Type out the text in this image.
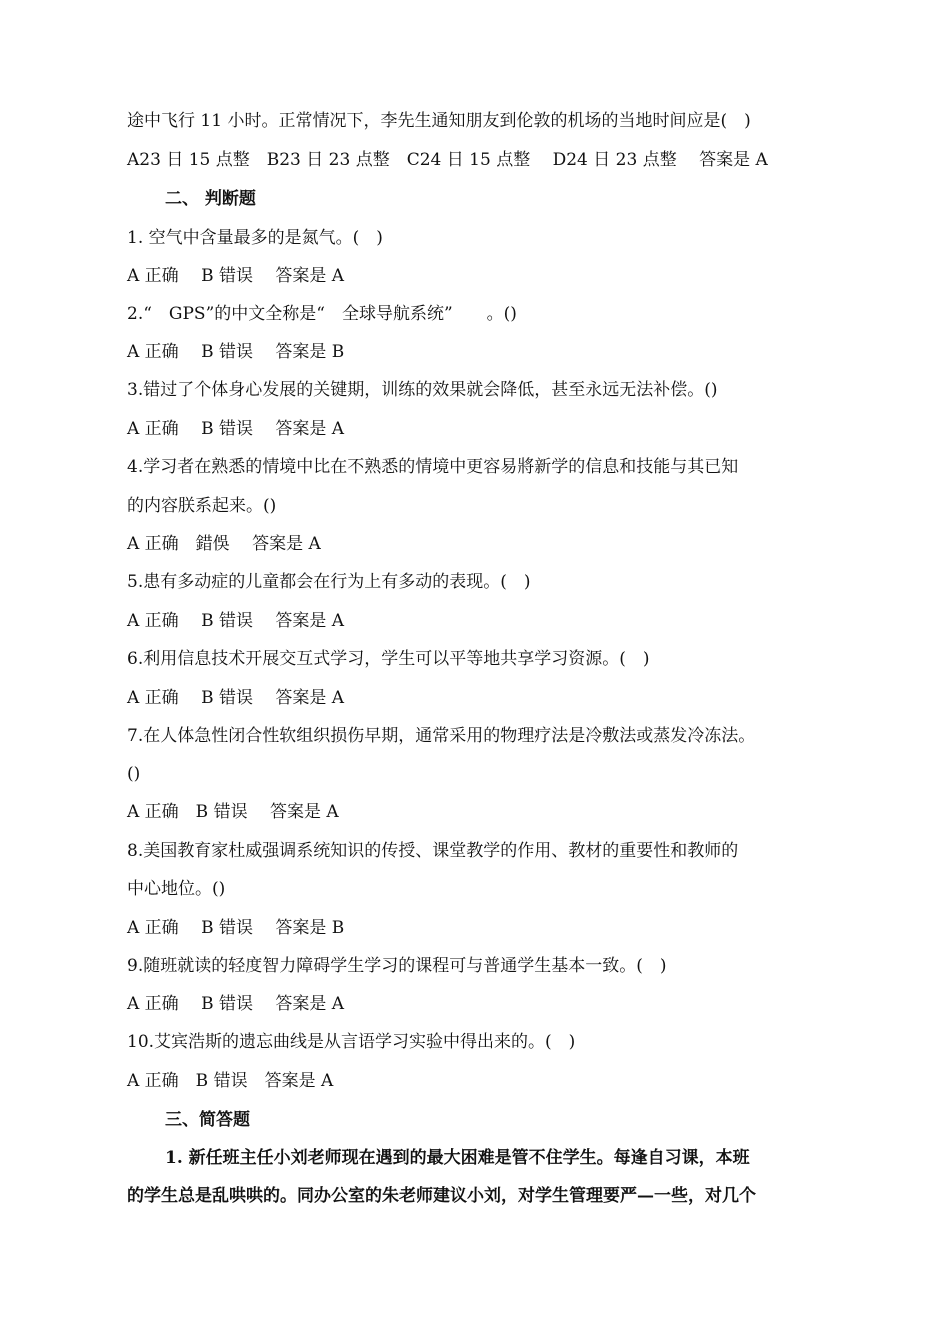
途中飞行 11 小时。正常情况下，李先生通知朋友到伦敦的机场的当地时间应是(　)
A23 日 15 点整　B23 日 23 点整　C24 日 15 点整　 D24 日 23 点整　 答案是 A
二、 判断题
1. 空气中含量最多的是氮气。(　)
A 正确　 B 错误　 答案是 A
2.“　GPS”的中文全称是“　全球导航系统”　　。()
A 正确　 B 错误　 答案是 B
3.错过了个体身心发展的关键期，训练的效果就会降低，甚至永远无法补偿。()
A 正确　 B 错误　 答案是 A
4.学习者在熟悉的情境中比在不熟悉的情境中更容易將新学的信息和技能与其已知
的内容朕系起来。()
A 正确　錯俁　 答案是 A
5.患有多动症的儿童都会在行为上有多动的表现。(　)
A 正确　 B 错误　 答案是 A
6.利用信息技术开展交互式学习，学生可以平等地共享学习资源。(　)
A 正确　 B 错误　 答案是 A
7.在人体急性闭合性软组织损伤早期，通常采用的物理疗法是冷敷法或蒸发冷冻法。
()
A 正确　B 错误　 答案是 A
8.美国教育家杜威强调系统知识的传授、课堂教学的作用、教材的重要性和教师的
中心地位。()
A 正确　 B 错误　 答案是 B
9.随班就读的轻度智力障碍学生学习的课程可与普通学生基本一致。(　)
A 正确　 B 错误　 答案是 A
10.艾宾浩斯的遗忘曲线是从言语学习实验中得出来的。(　)
A 正确　B 错误　答案是 A
三、简答题
1. 新任班主任小刘老师现在遇到的最大困难是管不住学生。每逢自习课，本班
的学生总是乱哄哄的。同办公室的朱老师建议小刘，对学生管理要严—一些，对几个
